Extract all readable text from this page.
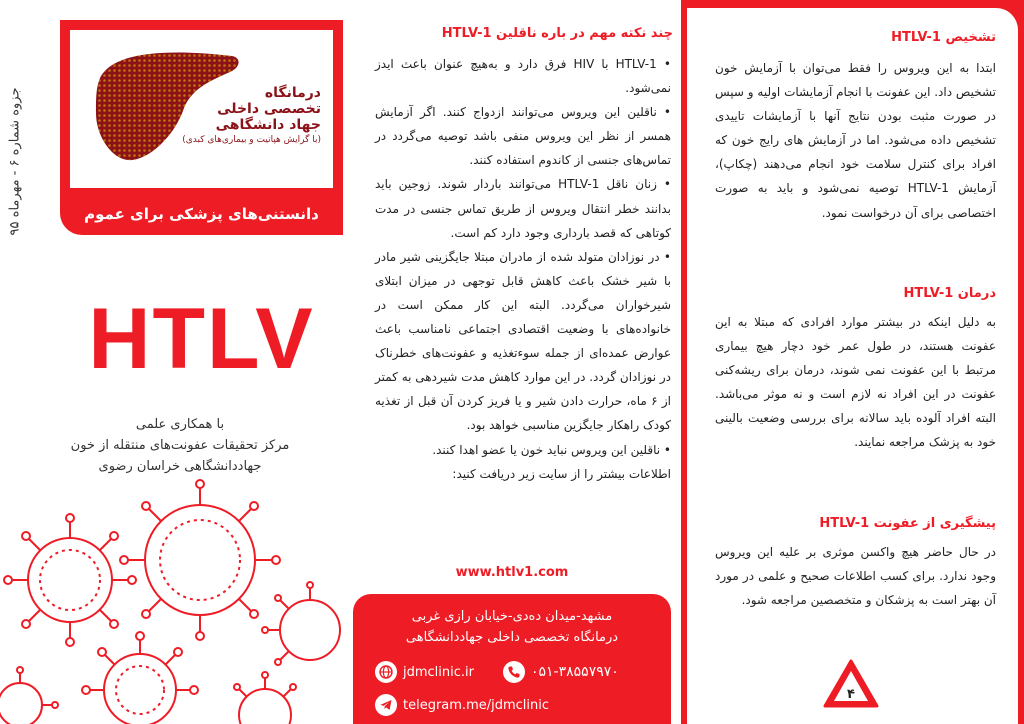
جزوه شماره ۶ - مهرماه ۹۵	درمانگاه
تخصصی داخلی
جهاد دانشگاهی
(با گرایش هپاتیت و بیماری‌های کبدی)
دانستنی‌های پزشکی برای عموم
HTLV
با همکاری علمی
مرکز تحقیقات عفونت‌های منتقله از خون
جهاددانشگاهی خراسان رضوی
چند نکته مهم در باره ناقلین HTLV-1

• HTLV-1 با HIV فرق دارد و به‌هیچ عنوان باعث ایدز نمی‌شود.

• ناقلین این ویروس می‌توانند ازدواج کنند. اگر آزمایش همسر از نظر این ویروس منفی باشد توصیه می‌گردد در تماس‌های جنسی از کاندوم استفاده کنند.

• زنان ناقل HTLV-1 می‌توانند باردار شوند. زوجین باید بدانند خطر انتقال ویروس از طریق تماس جنسی در مدت کوتاهی که قصد بارداری وجود دارد کم است.

• در نوزادان متولد شده از مادران مبتلا جایگزینی شیر مادر با شیر خشک باعث کاهش قابل توجهی در میزان ابتلای شیرخواران می‌گردد. البته این کار ممکن است در خانواده‌های با وضعیت اقتصادی اجتماعی نامناسب باعث عوارض عمده‌ای از جمله سوءتغذیه و عفونت‌های خطرناک در نوزادان گردد. در این موارد کاهش مدت شیردهی به کمتر از ۶ ماه، حرارت دادن شیر و یا فریز کردن آن قبل از تغذیه کودک راهکار جایگزین مناسبی خواهد بود.

• ناقلین این ویروس نباید خون یا عضو اهدا کنند.

اطلاعات بیشتر را از سایت زیر دریافت کنید:

www.htlv1.com
مشهد-میدان ده‌دی-خیابان رازی غربی
درمانگاه تخصصی داخلی جهاددانشگاهی
jdmclinic.ir	۰۵۱-۳۸۵۵۷۹۷۰
telegram.me/jdmclinic
تشخیص HTLV-1
ابتدا به این ویروس را فقط می‌توان با آزمایش خون تشخیص داد. این عفونت با انجام آزمایشات اولیه و سپس در صورت مثبت بودن نتایج آنها با آزمایشات تاییدی تشخیص داده می‌شود. اما در آزمایش های رایج خون که افراد برای کنترل سلامت خود انجام می‌دهند (چکاپ)، آزمایش HTLV-1 توصیه نمی‌شود و باید به صورت اختصاصی برای آن درخواست نمود.
درمان HTLV-1
به دلیل اینکه در بیشتر موارد افرادی که مبتلا به این عفونت هستند، در طول عمر خود دچار هیچ بیماری مرتبط با این عفونت نمی شوند، درمان برای ریشه‌کنی عفونت در این افراد نه لازم است و نه موثر می‌باشد. البته افراد آلوده باید سالانه برای بررسی وضعیت بالینی خود به پزشک مراجعه نمایند.
پیشگیری از عفونت HTLV-1
در حال حاضر هیچ واکسن موثری بر علیه این ویروس وجود ندارد. برای کسب اطلاعات صحیح و علمی در مورد آن بهتر است به پزشکان و متخصصین مراجعه شود.
۴
